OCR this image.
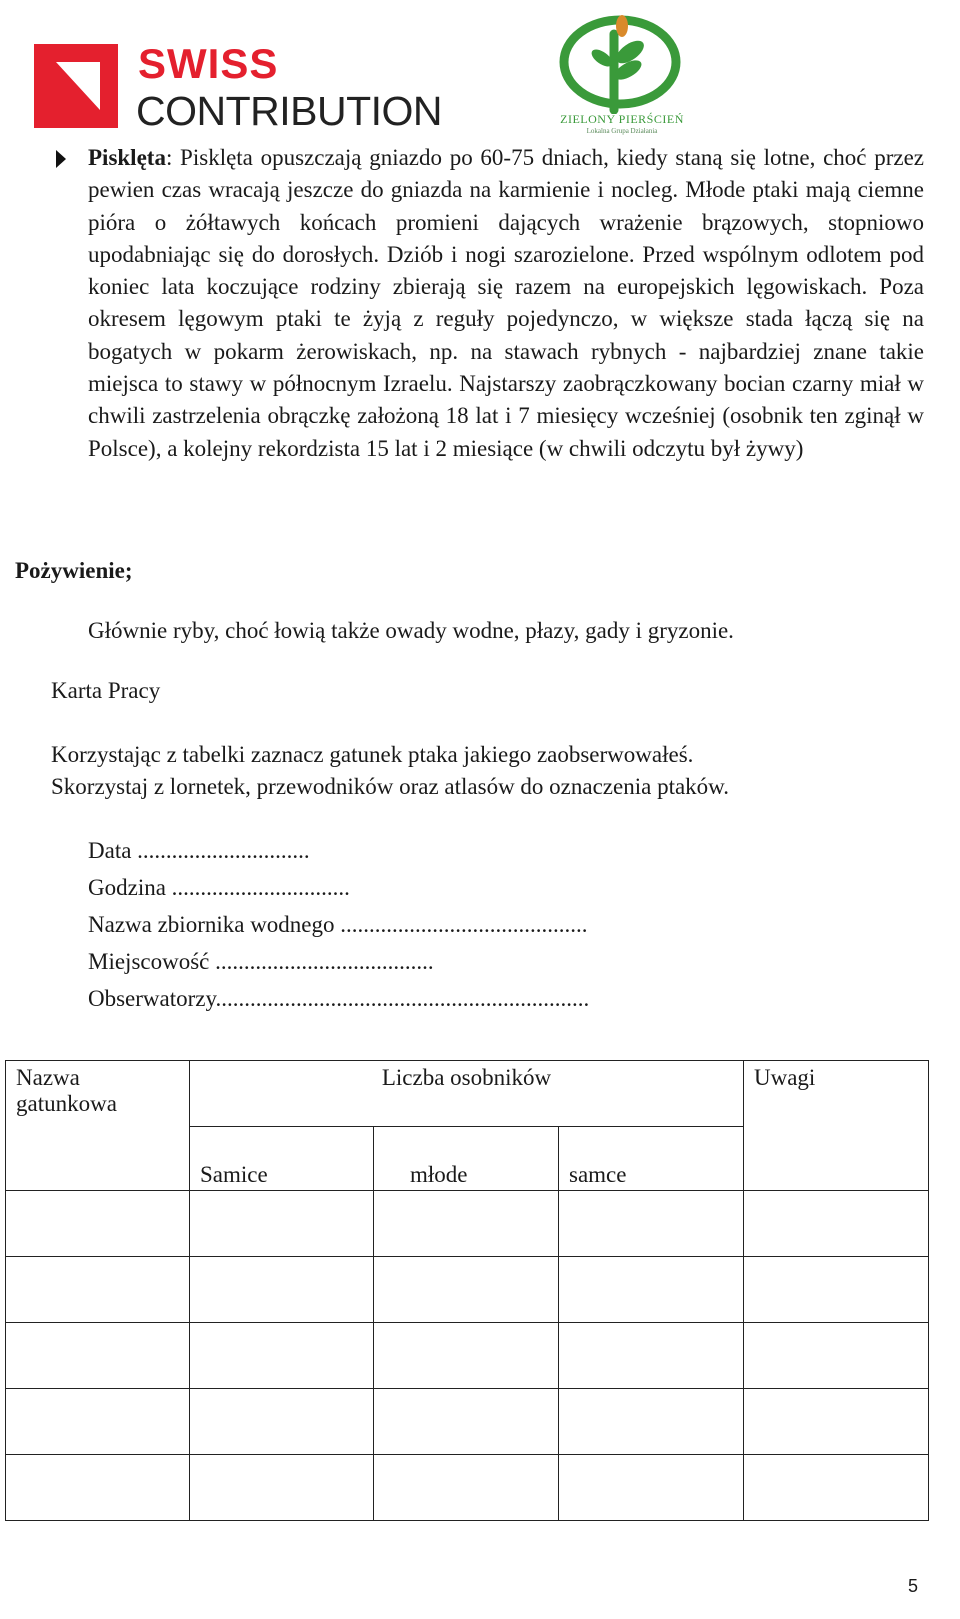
SWISS
CONTRIBUTION	ZIELONY PIERŚCIEŃ
Lokalna Grupa Działania
Pisklęta: Pisklęta opuszczają gniazdo po 60-75 dniach, kiedy staną się lotne, choć przez pewien czas wracają jeszcze do gniazda na karmienie i nocleg. Młode ptaki mają ciemne pióra o żółtawych końcach promieni dających wrażenie brązowych, stopniowo upodabniając się do dorosłych. Dziób i nogi szarozielone. Przed wspólnym odlotem pod koniec lata koczujące rodziny zbierają się razem na europejskich lęgowiskach. Poza okresem lęgowym ptaki te żyją z reguły pojedynczo, w większe stada łączą się na bogatych w pokarm żerowiskach, np. na stawach rybnych - najbardziej znane takie miejsca to stawy w północnym Izraelu. Najstarszy zaobrączkowany bocian czarny miał w chwili zastrzelenia obrączkę założoną 18 lat i 7 miesięcy wcześniej (osobnik ten zginął w Polsce), a kolejny rekordzista 15 lat i 2 miesiące (w chwili odczytu był żywy)
Pożywienie;
Głównie ryby, choć łowią także owady wodne, płazy, gady i gryzonie.
Karta Pracy
Korzystając z tabelki zaznacz gatunek ptaka jakiego zaobserwowałeś.
Skorzystaj z lornetek, przewodników oraz atlasów do oznaczenia ptaków.
Data ..............................
Godzina ...............................
Nazwa zbiornika wodnego ...........................................
Miejscowość ......................................
Obserwatorzy.................................................................
Nazwa gatunkowa	Liczba osobników			Uwagi
	Samice	młode	samce	

5
